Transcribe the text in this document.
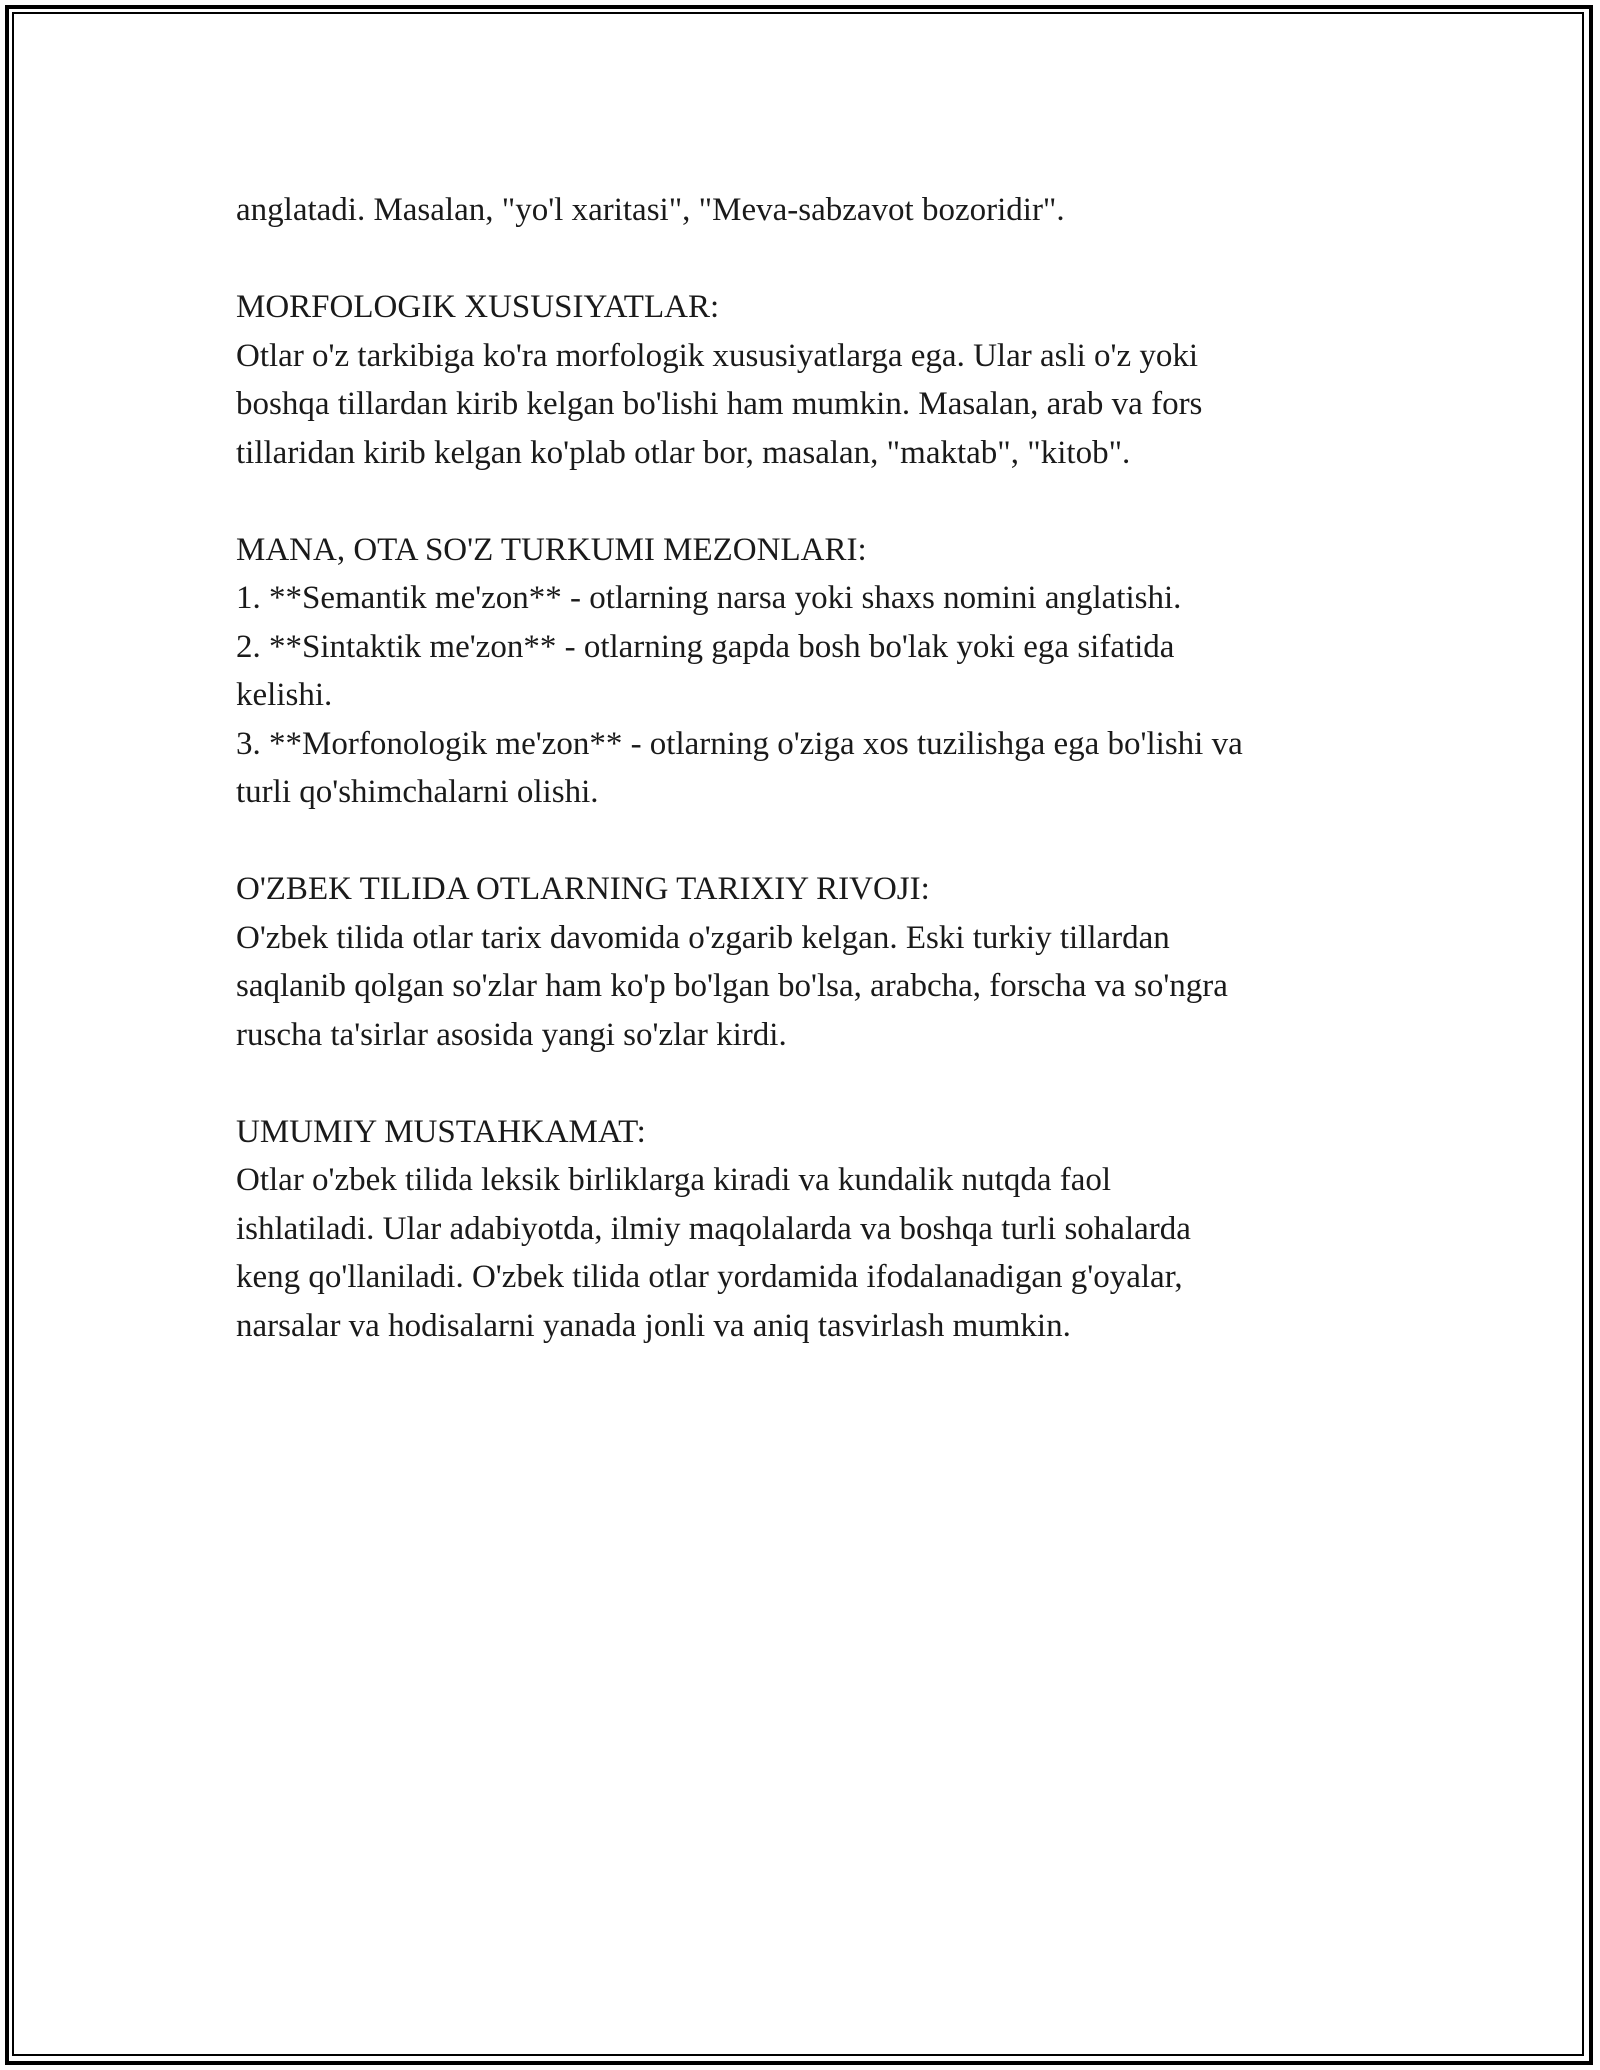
anglatadi. Masalan, "yo'l xaritasi", "Meva-sabzavot bozoridir".
MORFOLOGIK XUSUSIYATLAR:
Otlar o'z tarkibiga ko'ra morfologik xususiyatlarga ega. Ular asli o'z yoki
boshqa tillardan kirib kelgan bo'lishi ham mumkin. Masalan, arab va fors
tillaridan kirib kelgan ko'plab otlar bor, masalan, "maktab", "kitob".
MANA, OTA SO'Z TURKUMI MEZONLARI:
1. **Semantik me'zon** - otlarning narsa yoki shaxs nomini anglatishi.
2. **Sintaktik me'zon** - otlarning gapda bosh bo'lak yoki ega sifatida
kelishi.
3. **Morfonologik me'zon** - otlarning o'ziga xos tuzilishga ega bo'lishi va
turli qo'shimchalarni olishi.
O'ZBEK TILIDA OTLARNING TARIXIY RIVOJI:
O'zbek tilida otlar tarix davomida o'zgarib kelgan. Eski turkiy tillardan
saqlanib qolgan so'zlar ham ko'p bo'lgan bo'lsa, arabcha, forscha va so'ngra
ruscha ta'sirlar asosida yangi so'zlar kirdi.
UMUMIY MUSTAHKAMAT:
Otlar o'zbek tilida leksik birliklarga kiradi va kundalik nutqda faol
ishlatiladi. Ular adabiyotda, ilmiy maqolalarda va boshqa turli sohalarda
keng qo'llaniladi. O'zbek tilida otlar yordamida ifodalanadigan g'oyalar,
narsalar va hodisalarni yanada jonli va aniq tasvirlash mumkin.
